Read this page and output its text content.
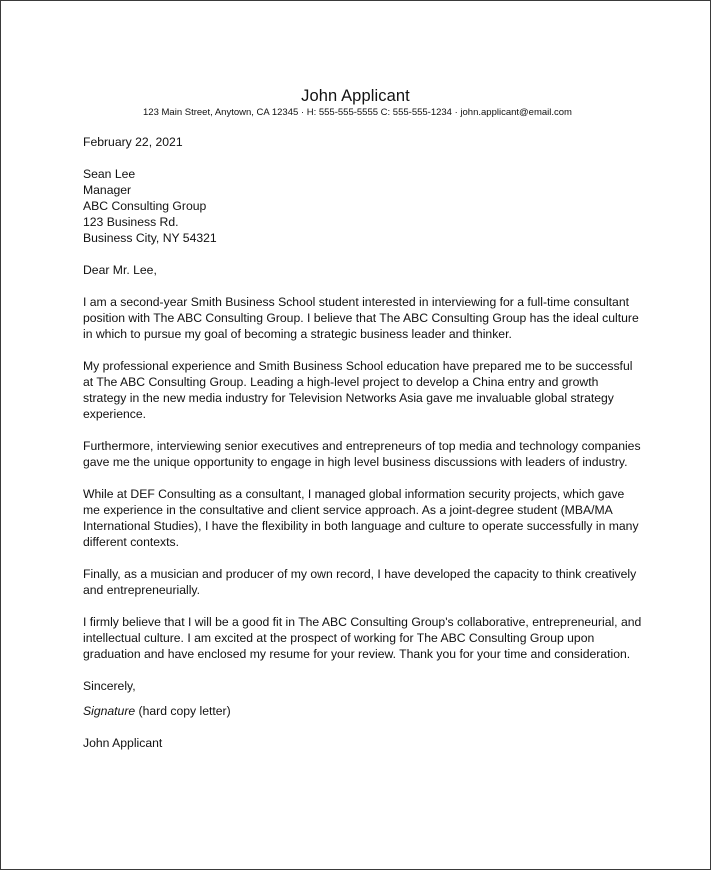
John Applicant
123 Main Street, Anytown, CA 12345 · H: 555-555-5555 C: 555-555-1234 · john.applicant@email.com
February 22, 2021
Sean Lee
Manager
ABC Consulting Group
123 Business Rd.
Business City, NY 54321
Dear Mr. Lee,

I am a second-year Smith Business School student interested in interviewing for a full-time consultant position with The ABC Consulting Group. I believe that The ABC Consulting Group has the ideal culture in which to pursue my goal of becoming a strategic business leader and thinker.

My professional experience and Smith Business School education have prepared me to be successful at The ABC Consulting Group. Leading a high-level project to develop a China entry and growth strategy in the new media industry for Television Networks Asia gave me invaluable global strategy experience.

Furthermore, interviewing senior executives and entrepreneurs of top media and technology companies gave me the unique opportunity to engage in high level business discussions with leaders of industry.

While at DEF Consulting as a consultant, I managed global information security projects, which gave me experience in the consultative and client service approach. As a joint-degree student (MBA/MA International Studies), I have the flexibility in both language and culture to operate successfully in many different contexts.

Finally, as a musician and producer of my own record, I have developed the capacity to think creatively and entrepreneurially.

I firmly believe that I will be a good fit in The ABC Consulting Group's collaborative, entrepreneurial, and intellectual culture. I am excited at the prospect of working for The ABC Consulting Group upon graduation and have enclosed my resume for your review. Thank you for your time and consideration.

Sincerely,
Signature (hard copy letter)
John Applicant
